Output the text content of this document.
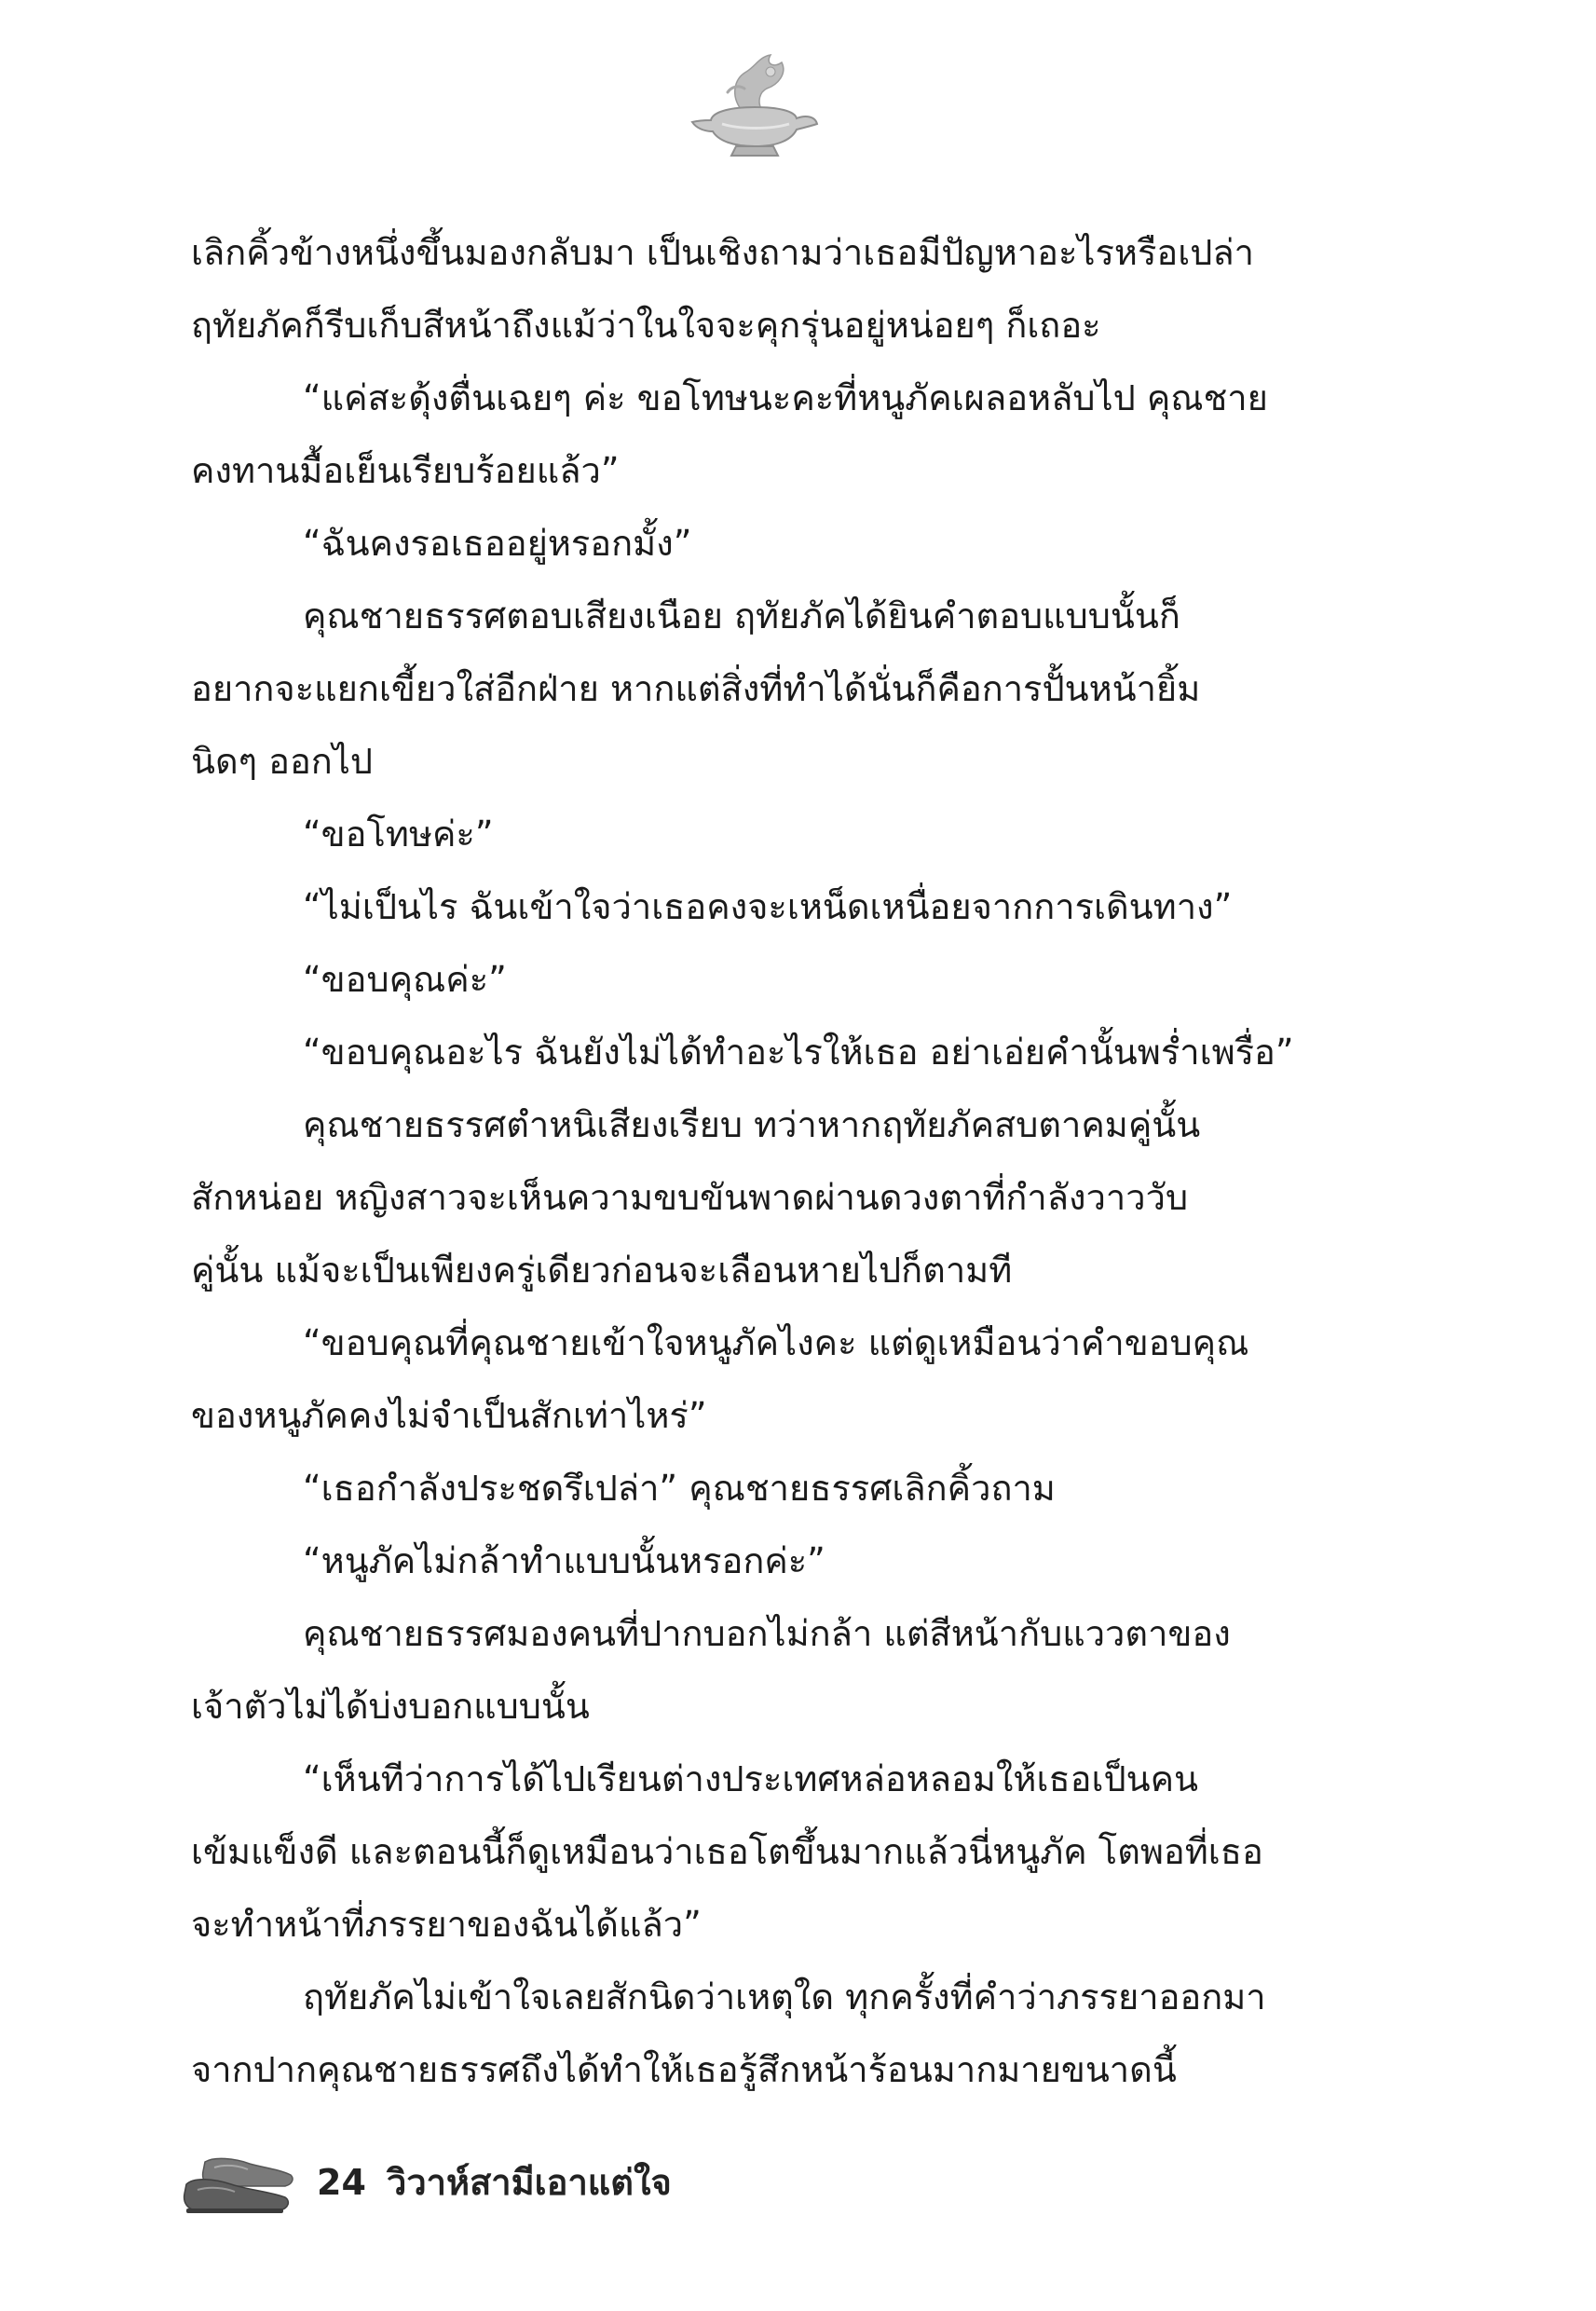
เลิกคิ้วข้างหนึ่งขึ้นมองกลับมา เป็นเชิงถามว่าเธอมีปัญหาอะไรหรือเปล่า
ฤทัยภัคก็รีบเก็บสีหน้าถึงแม้ว่าในใจจะคุกรุ่นอยู่หน่อยๆ ก็เถอะ
“แค่สะดุ้งตื่นเฉยๆ ค่ะ ขอโทษนะคะที่หนูภัคเผลอหลับไป คุณชาย
คงทานมื้อเย็นเรียบร้อยแล้ว”
“ฉันคงรอเธออยู่หรอกมั้ง”
คุณชายธรรศตอบเสียงเนือย ฤทัยภัคได้ยินคำตอบแบบนั้นก็
อยากจะแยกเขี้ยวใส่อีกฝ่าย หากแต่สิ่งที่ทำได้นั่นก็คือการปั้นหน้ายิ้ม
นิดๆ ออกไป
“ขอโทษค่ะ”
“ไม่เป็นไร ฉันเข้าใจว่าเธอคงจะเหน็ดเหนื่อยจากการเดินทาง”
“ขอบคุณค่ะ”
“ขอบคุณอะไร ฉันยังไม่ได้ทำอะไรให้เธอ อย่าเอ่ยคำนั้นพร่ำเพรื่อ”
คุณชายธรรศตำหนิเสียงเรียบ ทว่าหากฤทัยภัคสบตาคมคู่นั้น
สักหน่อย หญิงสาวจะเห็นความขบขันพาดผ่านดวงตาที่กำลังวาววับ
คู่นั้น แม้จะเป็นเพียงครู่เดียวก่อนจะเลือนหายไปก็ตามที
“ขอบคุณที่คุณชายเข้าใจหนูภัคไงคะ แต่ดูเหมือนว่าคำขอบคุณ
ของหนูภัคคงไม่จำเป็นสักเท่าไหร่”
“เธอกำลังประชดรึเปล่า” คุณชายธรรศเลิกคิ้วถาม
“หนูภัคไม่กล้าทำแบบนั้นหรอกค่ะ”
คุณชายธรรศมองคนที่ปากบอกไม่กล้า แต่สีหน้ากับแววตาของ
เจ้าตัวไม่ได้บ่งบอกแบบนั้น
“เห็นทีว่าการได้ไปเรียนต่างประเทศหล่อหลอมให้เธอเป็นคน
เข้มแข็งดี และตอนนี้ก็ดูเหมือนว่าเธอโตขึ้นมากแล้วนี่หนูภัค โตพอที่เธอ
จะทำหน้าที่ภรรยาของฉันได้แล้ว”
ฤทัยภัคไม่เข้าใจเลยสักนิดว่าเหตุใด ทุกครั้งที่คำว่าภรรยาออกมา
จากปากคุณชายธรรศถึงได้ทำให้เธอรู้สึกหน้าร้อนมากมายขนาดนี้
24 วิวาห์สามีเอาแต่ใจ
